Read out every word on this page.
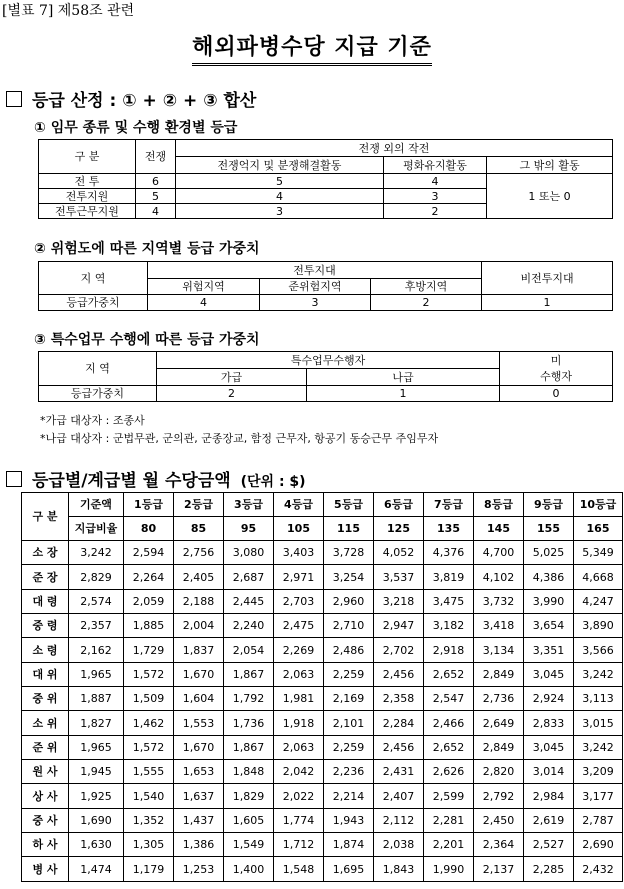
[별표 7] 제58조 관련
해외파병수당 지급 기준
등급 산정 : ① + ② + ③ 합산
① 임무 종류 및 수행 환경별 등급
구 분	전쟁	전쟁 외의 작전		
		전쟁억지 및 분쟁해결활동	평화유지활동	그 밖의 활동
전 투	6	5	4	1 또는 0
전투지원	5	4	3	
전투근무지원	4	3	2	
② 위험도에 따른 지역별 등급 가중치
지 역	전투지대			비전투지대
	위험지역	준위험지역	후방지역	
등급가중치	4	3	2	1
③ 특수업무 수행에 따른 등급 가중치
지 역	특수업무수행자		미
	가급	나급	수행자
등급가중치	2	1	0
*가급 대상자 : 조종사
*나급 대상자 : 군법무관, 군의관, 군종장교, 함정 근무자, 항공기 동승근무 주임무자
등급별/계급별 월 수당금액 (단위 : $)
구 분	기준액	1등급	2등급	3등급	4등급	5등급	6등급	7등급	8등급	9등급	10등급
	지급비율	80	85	95	105	115	125	135	145	155	165
소 장	3,242	2,594	2,756	3,080	3,403	3,728	4,052	4,376	4,700	5,025	5,349
준 장	2,829	2,264	2,405	2,687	2,971	3,254	3,537	3,819	4,102	4,386	4,668
대 령	2,574	2,059	2,188	2,445	2,703	2,960	3,218	3,475	3,732	3,990	4,247
중 령	2,357	1,885	2,004	2,240	2,475	2,710	2,947	3,182	3,418	3,654	3,890
소 령	2,162	1,729	1,837	2,054	2,269	2,486	2,702	2,918	3,134	3,351	3,566
대 위	1,965	1,572	1,670	1,867	2,063	2,259	2,456	2,652	2,849	3,045	3,242
중 위	1,887	1,509	1,604	1,792	1,981	2,169	2,358	2,547	2,736	2,924	3,113
소 위	1,827	1,462	1,553	1,736	1,918	2,101	2,284	2,466	2,649	2,833	3,015
준 위	1,965	1,572	1,670	1,867	2,063	2,259	2,456	2,652	2,849	3,045	3,242
원 사	1,945	1,555	1,653	1,848	2,042	2,236	2,431	2,626	2,820	3,014	3,209
상 사	1,925	1,540	1,637	1,829	2,022	2,214	2,407	2,599	2,792	2,984	3,177
중 사	1,690	1,352	1,437	1,605	1,774	1,943	2,112	2,281	2,450	2,619	2,787
하 사	1,630	1,305	1,386	1,549	1,712	1,874	2,038	2,201	2,364	2,527	2,690
병 사	1,474	1,179	1,253	1,400	1,548	1,695	1,843	1,990	2,137	2,285	2,432
